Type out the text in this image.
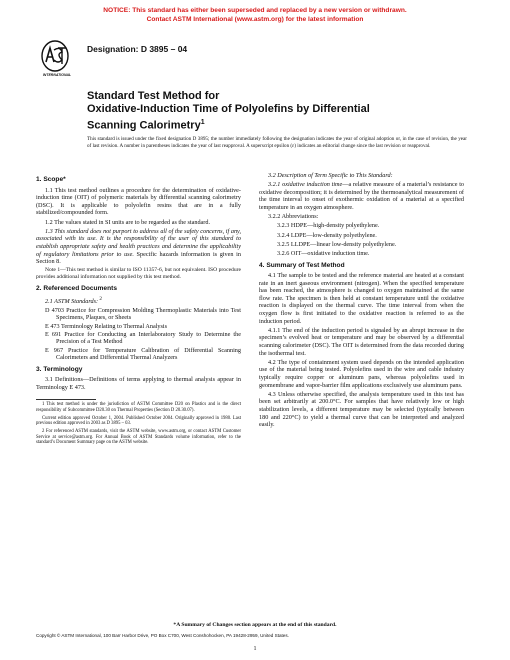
NOTICE: This standard has either been superseded and replaced by a new version or withdrawn.
Contact ASTM International (www.astm.org) for the latest information
INTERNATIONAL
Designation: D 3895 – 04
Standard Test Method for
Oxidative-Induction Time of Polyolefins by Differential
Scanning Calorimetry$^1$
This standard is issued under the fixed designation D 3895; the number immediately following the designation indicates the year of original adoption or, in the case of revision, the year of last revision. A number in parentheses indicates the year of last reapproval. A superscript epsilon (ε) indicates an editorial change since the last revision or reapproval.
1. Scope*

1.1 This test method outlines a procedure for the determination of oxidative-induction time (OIT) of polymeric materials by differential scanning calorimetry (DSC). It is applicable to polyolefin resins that are in a fully stabilized/compounded form.

1.2 The values stated in SI units are to be regarded as the standard.

1.3 This standard does not purport to address all of the safety concerns, if any, associated with its use. It is the responsibility of the user of this standard to establish appropriate safety and health practices and determine the applicability of regulatory limitations prior to use. Specific hazards information is given in Section 8.

Note 1—This test method is similar to ISO 11357-6, but not equivalent. ISO procedure provides additional information not supplied by this test method.

2. Referenced Documents

2.1 ASTM Standards: $^2$

D 4703 Practice for Compression Molding Thermoplastic Materials into Test Specimens, Plaques, or Sheets

E 473 Terminology Relating to Thermal Analysis

E 691 Practice for Conducting an Interlaboratory Study to Determine the Precision of a Test Method

E 967 Practice for Temperature Calibration of Differential Scanning Calorimeters and Differential Thermal Analyzers

3. Terminology

3.1 Definitions—Definitions of terms applying to thermal analysis appear in Terminology E 473.

1 This test method is under the jurisdiction of ASTM Committee D20 on Plastics and is the direct responsibility of Subcommittee D20.30 on Thermal Properties (Section D 20.30.07).

Current edition approved October 1, 2004. Published October 2004. Originally approved in 1980. Last previous edition approved in 2003 as D 3895 – 03.

2 For referenced ASTM standards, visit the ASTM website, www.astm.org, or contact ASTM Customer Service at service@astm.org. For Annual Book of ASTM Standards volume information, refer to the standard’s Document Summary page on the ASTM website.

3.2 Description of Term Specific to This Standard:

3.2.1 oxidative induction time—a relative measure of a material’s resistance to oxidative decomposition; it is determined by the thermoanalytical measurement of the time interval to onset of exothermic oxidation of a material at a specified temperature in an oxygen atmosphere.

3.2.2 Abbreviations:

3.2.3 HDPE—high-density polyethylene.

3.2.4 LDPE—low-density polyethylene.

3.2.5 LLDPE—linear low-density polyethylene.

3.2.6 OIT—oxidative induction time.

4. Summary of Test Method

4.1 The sample to be tested and the reference material are heated at a constant rate in an inert gaseous environment (nitrogen). When the specified temperature has been reached, the atmosphere is changed to oxygen maintained at the same flow rate. The specimen is then held at constant temperature until the oxidative reaction is displayed on the thermal curve. The time interval from when the oxygen flow is first initiated to the oxidative reaction is referred to as the induction period.

4.1.1 The end of the induction period is signaled by an abrupt increase in the specimen’s evolved heat or temperature and may be observed by a differential scanning calorimeter (DSC). The OIT is determined from the data recorded during the isothermal test.

4.2 The type of containment system used depends on the intended application use of the material being tested. Polyolefins used in the wire and cable industry typically require copper or aluminum pans, whereas polyolefins used in geomembrane and vapor-barrier film applications exclusively use aluminum pans.

4.3 Unless otherwise specified, the analysis temperature used in this test has been set arbitrarily at 200.0°C. For samples that have relatively low or high stabilization levels, a different temperature may be selected (typically between 180 and 220°C) to yield a thermal curve that can be interpreted and analyzed easily.

*A Summary of Changes section appears at the end of this standard.
Copyright © ASTM International, 100 Barr Harbor Drive, PO Box C700, West Conshohocken, PA 19428-2959, United States.
1
